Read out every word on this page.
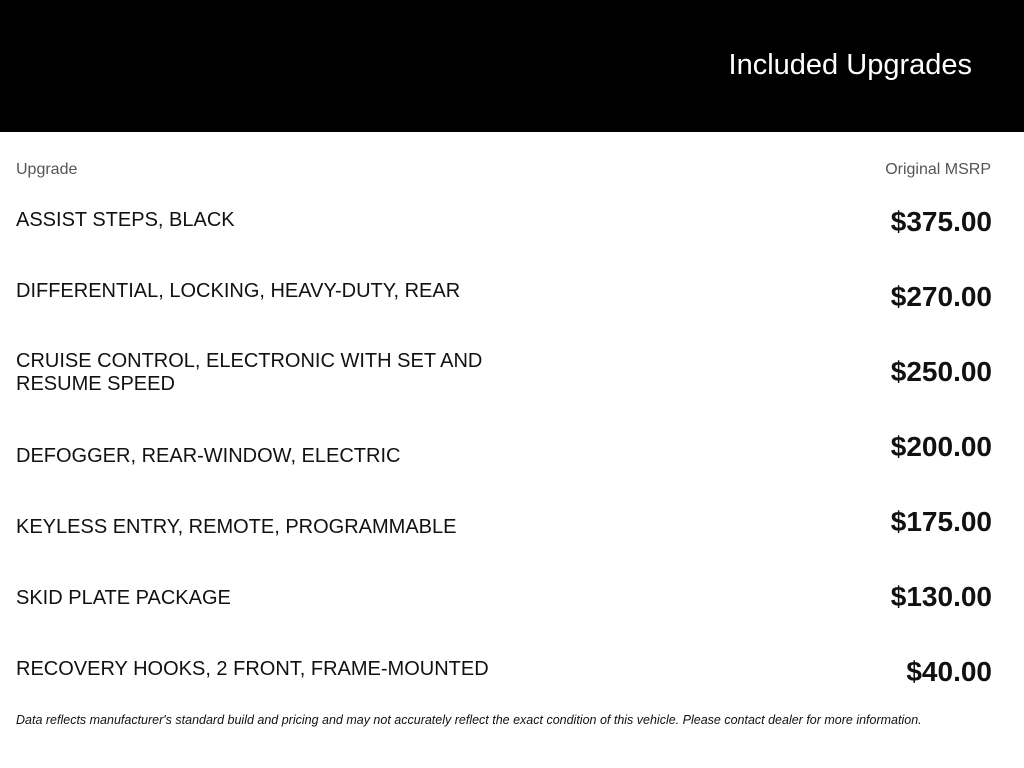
Included Upgrades
Upgrade	Original MSRP
ASSIST STEPS, BLACK	$375.00
DIFFERENTIAL, LOCKING, HEAVY-DUTY, REAR	$270.00
CRUISE CONTROL, ELECTRONIC WITH SET AND RESUME SPEED	$250.00
DEFOGGER, REAR-WINDOW, ELECTRIC	$200.00
KEYLESS ENTRY, REMOTE, PROGRAMMABLE	$175.00
SKID PLATE PACKAGE	$130.00
RECOVERY HOOKS, 2 FRONT, FRAME-MOUNTED	$40.00
Data reflects manufacturer's standard build and pricing and may not accurately reflect the exact condition of this vehicle. Please contact dealer for more information.
